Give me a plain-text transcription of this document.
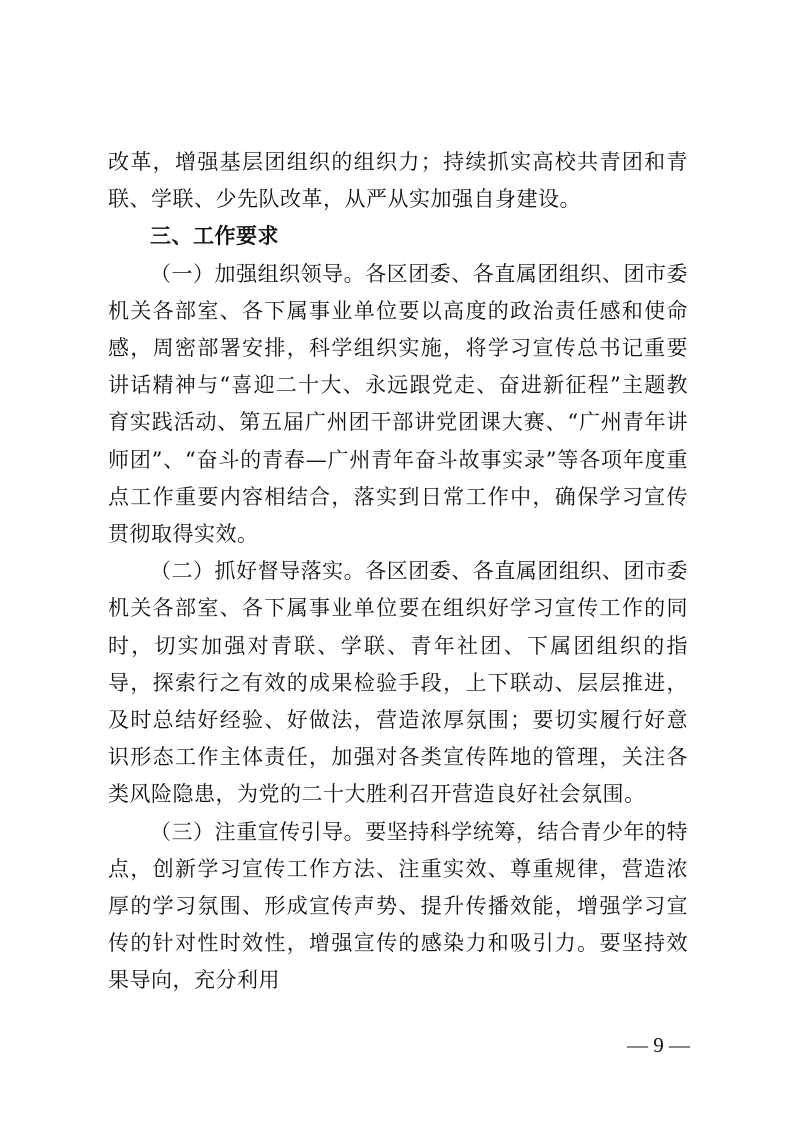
改革，增强基层团组织的组织力；持续抓实高校共青团和青联、学联、少先队改革，从严从实加强自身建设。

三、工作要求

（一）加强组织领导。各区团委、各直属团组织、团市委机关各部室、各下属事业单位要以高度的政治责任感和使命感，周密部署安排，科学组织实施，将学习宣传总书记重要讲话精神与“喜迎二十大、永远跟党走、奋进新征程”主题教育实践活动、第五届广州团干部讲党团课大赛、“广州青年讲师团”、“奋斗的青春—广州青年奋斗故事实录”等各项年度重点工作重要内容相结合，落实到日常工作中，确保学习宣传贯彻取得实效。

（二）抓好督导落实。各区团委、各直属团组织、团市委机关各部室、各下属事业单位要在组织好学习宣传工作的同时，切实加强对青联、学联、青年社团、下属团组织的指导，探索行之有效的成果检验手段，上下联动、层层推进，及时总结好经验、好做法，营造浓厚氛围；要切实履行好意识形态工作主体责任，加强对各类宣传阵地的管理，关注各类风险隐患，为党的二十大胜利召开营造良好社会氛围。

（三）注重宣传引导。要坚持科学统筹，结合青少年的特点，创新学习宣传工作方法、注重实效、尊重规律，营造浓厚的学习氛围、形成宣传声势、提升传播效能，增强学习宣传的针对性时效性，增强宣传的感染力和吸引力。要坚持效果导向，充分利用

— 9 —
